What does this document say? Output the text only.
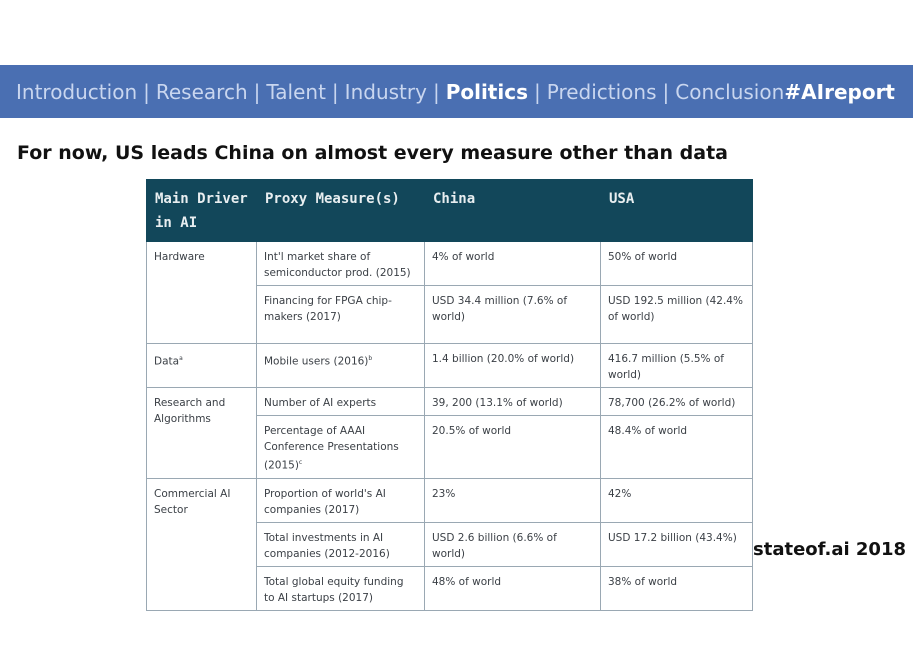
Introduction | Research | Talent | Industry | Politics | Predictions | Conclusion #AIreport
For now, US leads China on almost every measure other than data
Main Driver in AI	Proxy Measure(s)	China	USA
Hardware	Int'l market share of semiconductor prod. (2015)	4% of world	50% of world
	Financing for FPGA chip-makers (2017)	USD 34.4 million (7.6% of world)	USD 192.5 million (42.4% of world)
Data$^a$	Mobile users $(2016)^b$	1.4 billion (20.0% of world)	416.7 million (5.5% of world)
Research and Algorithms	Number of AI experts	39, 200 (13.1% of world)	78,700 (26.2% of world)
	Percentage of AAAI Conference Presentations $(2015)^c$	20.5% of world	48.4% of world
Commercial AI Sector	Proportion of world's AI companies (2017)	23%	42%
	Total investments in AI companies (2012-2016)	USD 2.6 billion (6.6% of world)	USD 17.2 billion (43.4%)
	Total global equity funding to AI startups (2017)	48% of world	38% of world
stateof.ai 2018
